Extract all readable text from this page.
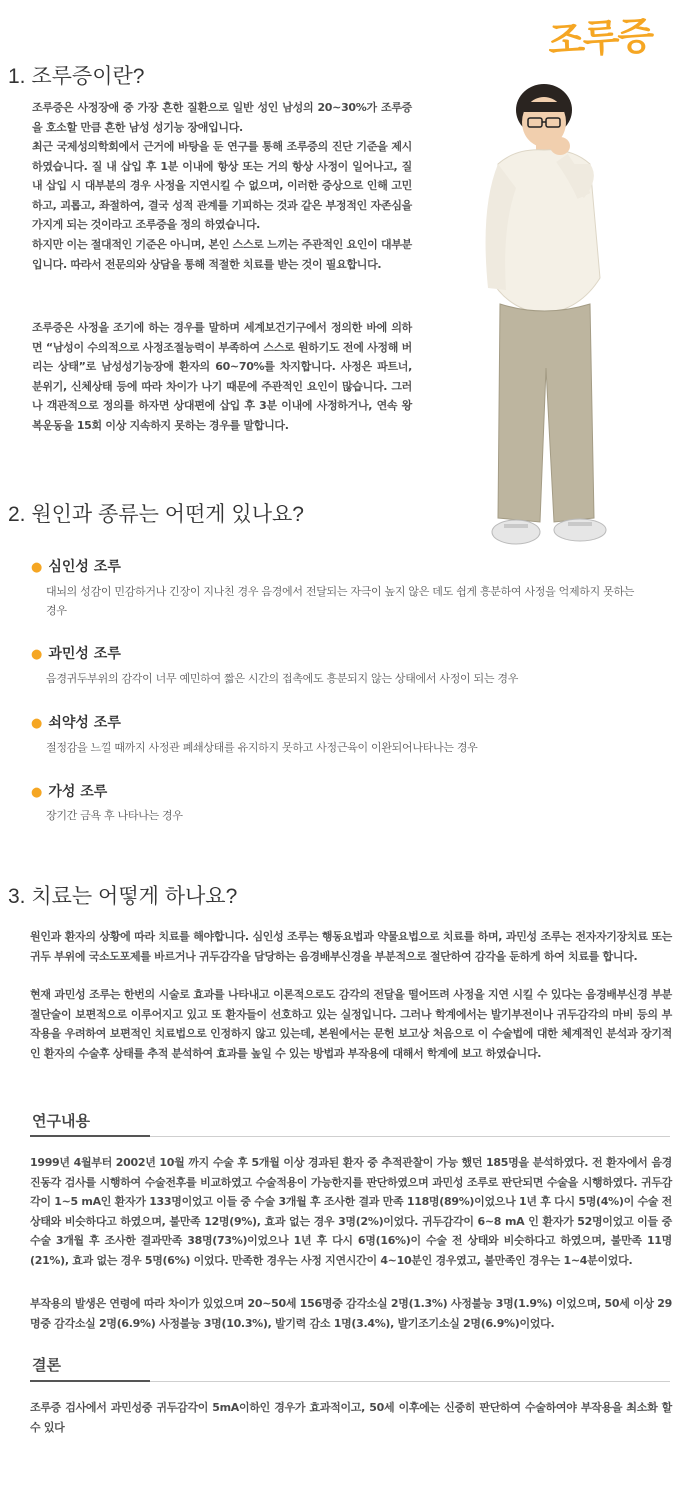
조루증
1. 조루증이란?

조루증은 사정장애 중 가장 흔한 질환으로 일반 성인 남성의 20~30%가 조루증을 호소할 만큼 흔한 남성 성기능 장애입니다.

최근 국제성의학회에서 근거에 바탕을 둔 연구를 통해 조루증의 진단 기준을 제시하였습니다. 질 내 삽입 후 1분 이내에 항상 또는 거의 항상 사정이 일어나고, 질 내 삽입 시 대부분의 경우 사정을 지연시킬 수 없으며, 이러한 증상으로 인해 고민하고, 괴롭고, 좌절하여, 결국 성적 관계를 기피하는 것과 같은 부정적인 자존심을 가지게 되는 것이라고 조루증을 정의 하였습니다.

하지만 이는 절대적인 기준은 아니며, 본인 스스로 느끼는 주관적인 요인이 대부분입니다. 따라서 전문의와 상담을 통해 적절한 치료를 받는 것이 필요합니다.

조루증은 사정을 조기에 하는 경우를 말하며 세계보건기구에서 정의한 바에 의하면 “남성이 수의적으로 사정조절능력이 부족하여 스스로 원하기도 전에 사정해 버리는 상태”로 남성성기능장애 환자의 60~70%를 차지합니다. 사정은 파트너, 분위기, 신체상태 등에 따라 차이가 나기 때문에 주관적인 요인이 많습니다. 그러나 객관적으로 정의를 하자면 상대편에 삽입 후 3분 이내에 사정하거나, 연속 왕복운동을 15회 이상 지속하지 못하는 경우를 말합니다.

2. 원인과 종류는 어떤게 있나요?
● 심인성 조루

대뇌의 성감이 민감하거나 긴장이 지나친 경우 음경에서 전달되는 자극이 높지 않은 데도 쉽게 흥분하여 사정을 억제하지 못하는 경우

● 과민성 조루

음경귀두부위의 감각이 너무 예민하여 짧은 시간의 접촉에도 흥분되지 않는 상태에서 사정이 되는 경우

● 쇠약성 조루

절정감을 느낄 때까지 사정관 폐쇄상태를 유지하지 못하고 사정근육이 이완되어나타나는 경우

● 가성 조루

장기간 금욕 후 나타나는 경우

3. 치료는 어떻게 하나요?

원인과 환자의 상황에 따라 치료를 해야합니다. 심인성 조루는 행동요법과 약물요법으로 치료를 하며, 과민성 조루는 전자자기장치료 또는 귀두 부위에 국소도포제를 바르거나 귀두감각을 담당하는 음경배부신경을 부분적으로 절단하여 감각을 둔하게 하여 치료를 합니다.

현재 과민성 조루는 한번의 시술로 효과를 나타내고 이론적으로도 감각의 전달을 떨어뜨려 사정을 지연 시킬 수 있다는 음경배부신경 부분절단술이 보편적으로 이루어지고 있고 또 환자들이 선호하고 있는 실정입니다. 그러나 학계에서는 발기부전이나 귀두감각의 마비 등의 부작용을 우려하여 보편적인 치료법으로 인정하지 않고 있는데, 본원에서는 문헌 보고상 처음으로 이 수술법에 대한 체계적인 분석과 장기적인 환자의 수술후 상태를 추적 분석하여 효과를 높일 수 있는 방법과 부작용에 대해서 학계에 보고 하였습니다.

연구내용

1999년 4월부터 2002년 10월 까지 수술 후 5개월 이상 경과된 환자 중 추적관찰이 가능 했던 185명을 분석하였다. 전 환자에서 음경진동각 검사를 시행하여 수술전후를 비교하였고 수술적용이 가능한지를 판단하였으며 과민성 조루로 판단되면 수술을 시행하였다. 귀두감각이 1~5 mA인 환자가 133명이었고 이들 중 수술 3개월 후 조사한 결과 만족 118명(89%)이었으나 1년 후 다시 5명(4%)이 수술 전 상태와 비슷하다고 하였으며, 불만족 12명(9%), 효과 없는 경우 3명(2%)이었다. 귀두감각이 6~8 mA 인 환자가 52명이었고 이들 중 수술 3개월 후 조사한 결과만족 38명(73%)이었으나 1년 후 다시 6명(16%)이 수술 전 상태와 비슷하다고 하였으며, 불만족 11명(21%), 효과 없는 경우 5명(6%) 이었다. 만족한 경우는 사정 지연시간이 4~10분인 경우였고, 불만족인 경우는 1~4분이었다.

부작용의 발생은 연령에 따라 차이가 있었으며 20~50세 156명중 감각소실 2명(1.3%) 사정불능 3명(1.9%) 이었으며, 50세 이상 29명중 감각소실 2명(6.9%) 사정불능 3명(10.3%), 발기력 감소 1명(3.4%), 발기조기소실 2명(6.9%)이었다.

결론

조루증 검사에서 과민성중 귀두감각이 5mA이하인 경우가 효과적이고, 50세 이후에는 신중히 판단하여 수술하여야 부작용을 최소화 할 수 있다
